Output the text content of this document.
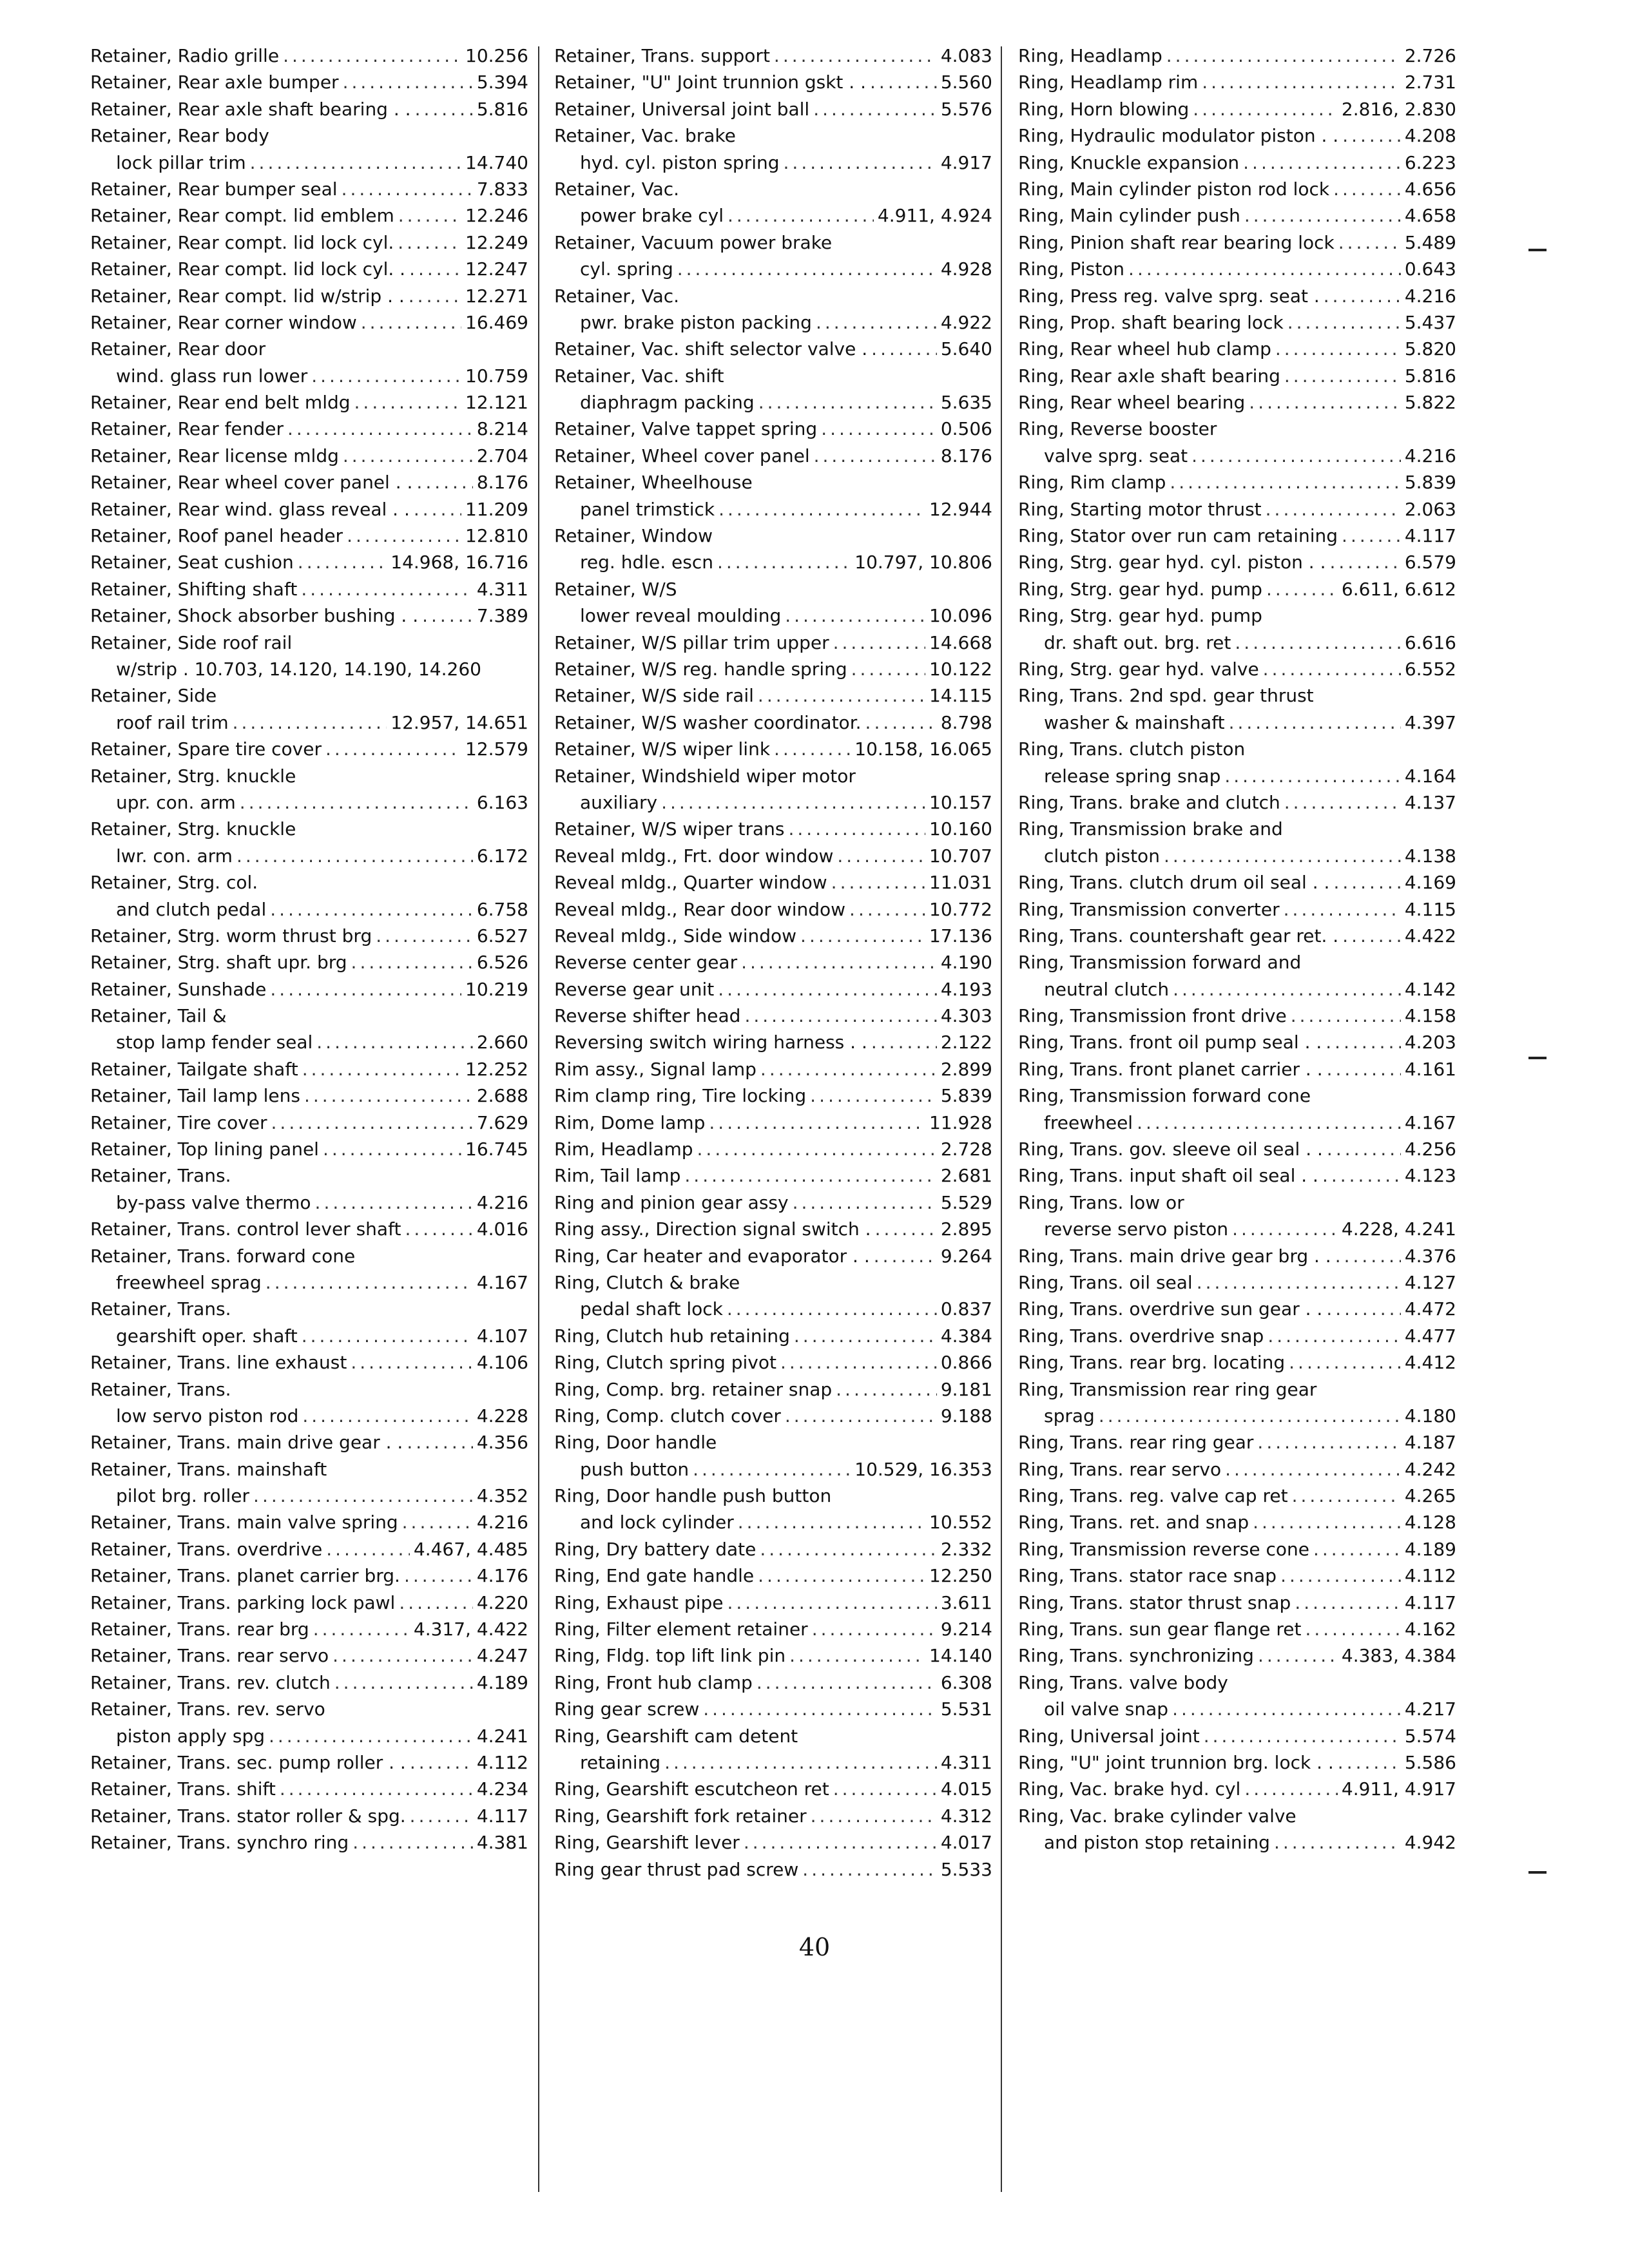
Retainer, Radio grille .....	10.256
Retainer, Rear axle bumper .....	5.394
Retainer, Rear axle shaft bearing . . .....	5.816
Retainer, Rear body
lock pillar trim .....	14.740
Retainer, Rear bumper seal .....	7.833
Retainer, Rear compt. lid emblem .....	12.246
Retainer, Rear compt. lid lock cyl. .....	12.249
Retainer, Rear compt. lid lock cyl. . .....	12.247
Retainer, Rear compt. lid w/strip . . .....	12.271
Retainer, Rear corner window .....	16.469
Retainer, Rear door
wind. glass run lower .....	10.759
Retainer, Rear end belt mldg .....	12.121
Retainer, Rear fender .....	8.214
Retainer, Rear license mldg .....	2.704
Retainer, Rear wheel cover panel . . .....	8.176
Retainer, Rear wind. glass reveal . . .....	11.209
Retainer, Roof panel header .....	12.810
Retainer, Seat cushion .....	14.968, 16.716
Retainer, Shifting shaft .....	4.311
Retainer, Shock absorber bushing . . .....	7.389
Retainer, Side roof rail
w/strip . 10.703, 14.120, 14.190, 14.260
Retainer, Side
roof rail trim .....	12.957, 14.651
Retainer, Spare tire cover .....	12.579
Retainer, Strg. knuckle
upr. con. arm .....	6.163
Retainer, Strg. knuckle
lwr. con. arm .....	6.172
Retainer, Strg. col.
and clutch pedal .....	6.758
Retainer, Strg. worm thrust brg .....	6.527
Retainer, Strg. shaft upr. brg .....	6.526
Retainer, Sunshade .....	10.219
Retainer, Tail &
stop lamp fender seal .....	2.660
Retainer, Tailgate shaft .....	12.252
Retainer, Tail lamp lens .....	2.688
Retainer, Tire cover .....	7.629
Retainer, Top lining panel .....	16.745
Retainer, Trans.
by-pass valve thermo .....	4.216
Retainer, Trans. control lever shaft .....	4.016
Retainer, Trans. forward cone
freewheel sprag .....	4.167
Retainer, Trans.
gearshift oper. shaft .....	4.107
Retainer, Trans. line exhaust .....	4.106
Retainer, Trans.
low servo piston rod .....	4.228
Retainer, Trans. main drive gear . . .....	4.356
Retainer, Trans. mainshaft
pilot brg. roller .....	4.352
Retainer, Trans. main valve spring .....	4.216
Retainer, Trans. overdrive .....	4.467, 4.485
Retainer, Trans. planet carrier brg. .....	4.176
Retainer, Trans. parking lock pawl .....	4.220
Retainer, Trans. rear brg .....	4.317, 4.422
Retainer, Trans. rear servo .....	4.247
Retainer, Trans. rev. clutch .....	4.189
Retainer, Trans. rev. servo
piston apply spg .....	4.241
Retainer, Trans. sec. pump roller . . .....	4.112
Retainer, Trans. shift .....	4.234
Retainer, Trans. stator roller & spg. .....	4.117
Retainer, Trans. synchro ring .....	4.381
Retainer, Trans. support .....	4.083
Retainer, "U" Joint trunnion gskt . . .....	5.560
Retainer, Universal joint ball .....	5.576
Retainer, Vac. brake
hyd. cyl. piston spring .....	4.917
Retainer, Vac.
power brake cyl .....	4.911, 4.924
Retainer, Vacuum power brake
cyl. spring .....	4.928
Retainer, Vac.
pwr. brake piston packing .....	4.922
Retainer, Vac. shift selector valve . .....	5.640
Retainer, Vac. shift
diaphragm packing .....	5.635
Retainer, Valve tappet spring .....	0.506
Retainer, Wheel cover panel .....	8.176
Retainer, Wheelhouse
panel trimstick .....	12.944
Retainer, Window
reg. hdle. escn .....	10.797, 10.806
Retainer, W/S
lower reveal moulding .....	10.096
Retainer, W/S pillar trim upper .....	14.668
Retainer, W/S reg. handle spring .....	10.122
Retainer, W/S side rail .....	14.115
Retainer, W/S washer coordinator. .....	8.798
Retainer, W/S wiper link .....	10.158, 16.065
Retainer, Windshield wiper motor
auxiliary .....	10.157
Retainer, W/S wiper trans .....	10.160
Reveal mldg., Frt. door window .....	10.707
Reveal mldg., Quarter window .....	11.031
Reveal mldg., Rear door window .....	10.772
Reveal mldg., Side window .....	17.136
Reverse center gear .....	4.190
Reverse gear unit .....	4.193
Reverse shifter head .....	4.303
Reversing switch wiring harness . . .....	2.122
Rim assy., Signal lamp .....	2.899
Rim clamp ring, Tire locking .....	5.839
Rim, Dome lamp .....	11.928
Rim, Headlamp .....	2.728
Rim, Tail lamp .....	2.681
Ring and pinion gear assy .....	5.529
Ring assy., Direction signal switch . .....	2.895
Ring, Car heater and evaporator . . .....	9.264
Ring, Clutch & brake
pedal shaft lock .....	0.837
Ring, Clutch hub retaining .....	4.384
Ring, Clutch spring pivot .....	0.866
Ring, Comp. brg. retainer snap .....	9.181
Ring, Comp. clutch cover .....	9.188
Ring, Door handle
push button .....	10.529, 16.353
Ring, Door handle push button
and lock cylinder .....	10.552
Ring, Dry battery date .....	2.332
Ring, End gate handle .....	12.250
Ring, Exhaust pipe .....	3.611
Ring, Filter element retainer .....	9.214
Ring, Fldg. top lift link pin .....	14.140
Ring, Front hub clamp .....	6.308
Ring gear screw .....	5.531
Ring, Gearshift cam detent
retaining .....	4.311
Ring, Gearshift escutcheon ret .....	4.015
Ring, Gearshift fork retainer .....	4.312
Ring, Gearshift lever .....	4.017
Ring gear thrust pad screw .....	5.533
Ring, Headlamp .....	2.726
Ring, Headlamp rim .....	2.731
Ring, Horn blowing .....	2.816, 2.830
Ring, Hydraulic modulator piston . . .....	4.208
Ring, Knuckle expansion .....	6.223
Ring, Main cylinder piston rod lock .....	4.656
Ring, Main cylinder push .....	4.658
Ring, Pinion shaft rear bearing lock .....	5.489
Ring, Piston .....	0.643
Ring, Press reg. valve sprg. seat . .....	4.216
Ring, Prop. shaft bearing lock .....	5.437
Ring, Rear wheel hub clamp .....	5.820
Ring, Rear axle shaft bearing .....	5.816
Ring, Rear wheel bearing .....	5.822
Ring, Reverse booster
valve sprg. seat .....	4.216
Ring, Rim clamp .....	5.839
Ring, Starting motor thrust .....	2.063
Ring, Stator over run cam retaining .....	4.117
Ring, Strg. gear hyd. cyl. piston . . .....	6.579
Ring, Strg. gear hyd. pump .....	6.611, 6.612
Ring, Strg. gear hyd. pump
dr. shaft out. brg. ret .....	6.616
Ring, Strg. gear hyd. valve .....	6.552
Ring, Trans. 2nd spd. gear thrust
washer & mainshaft .....	4.397
Ring, Trans. clutch piston
release spring snap .....	4.164
Ring, Trans. brake and clutch .....	4.137
Ring, Transmission brake and
clutch piston .....	4.138
Ring, Trans. clutch drum oil seal . . .....	4.169
Ring, Transmission converter .....	4.115
Ring, Trans. countershaft gear ret. . .....	4.422
Ring, Transmission forward and
neutral clutch .....	4.142
Ring, Transmission front drive .....	4.158
Ring, Trans. front oil pump seal . . .....	4.203
Ring, Trans. front planet carrier . . .....	4.161
Ring, Transmission forward cone
freewheel .....	4.167
Ring, Trans. gov. sleeve oil seal . . .....	4.256
Ring, Trans. input shaft oil seal . . .....	4.123
Ring, Trans. low or
reverse servo piston .....	4.228, 4.241
Ring, Trans. main drive gear brg . . .....	4.376
Ring, Trans. oil seal .....	4.127
Ring, Trans. overdrive sun gear . . .....	4.472
Ring, Trans. overdrive snap .....	4.477
Ring, Trans. rear brg. locating .....	4.412
Ring, Transmission rear ring gear
sprag .....	4.180
Ring, Trans. rear ring gear .....	4.187
Ring, Trans. rear servo .....	4.242
Ring, Trans. reg. valve cap ret .....	4.265
Ring, Trans. ret. and snap .....	4.128
Ring, Transmission reverse cone .....	4.189
Ring, Trans. stator race snap .....	4.112
Ring, Trans. stator thrust snap .....	4.117
Ring, Trans. sun gear flange ret .....	4.162
Ring, Trans. synchronizing .....	4.383, 4.384
Ring, Trans. valve body
oil valve snap .....	4.217
Ring, Universal joint .....	5.574
Ring, "U" joint trunnion brg. lock . . .....	5.586
Ring, Vac. brake hyd. cyl .....	4.911, 4.917
Ring, Vac. brake cylinder valve
and piston stop retaining .....	4.942
40
